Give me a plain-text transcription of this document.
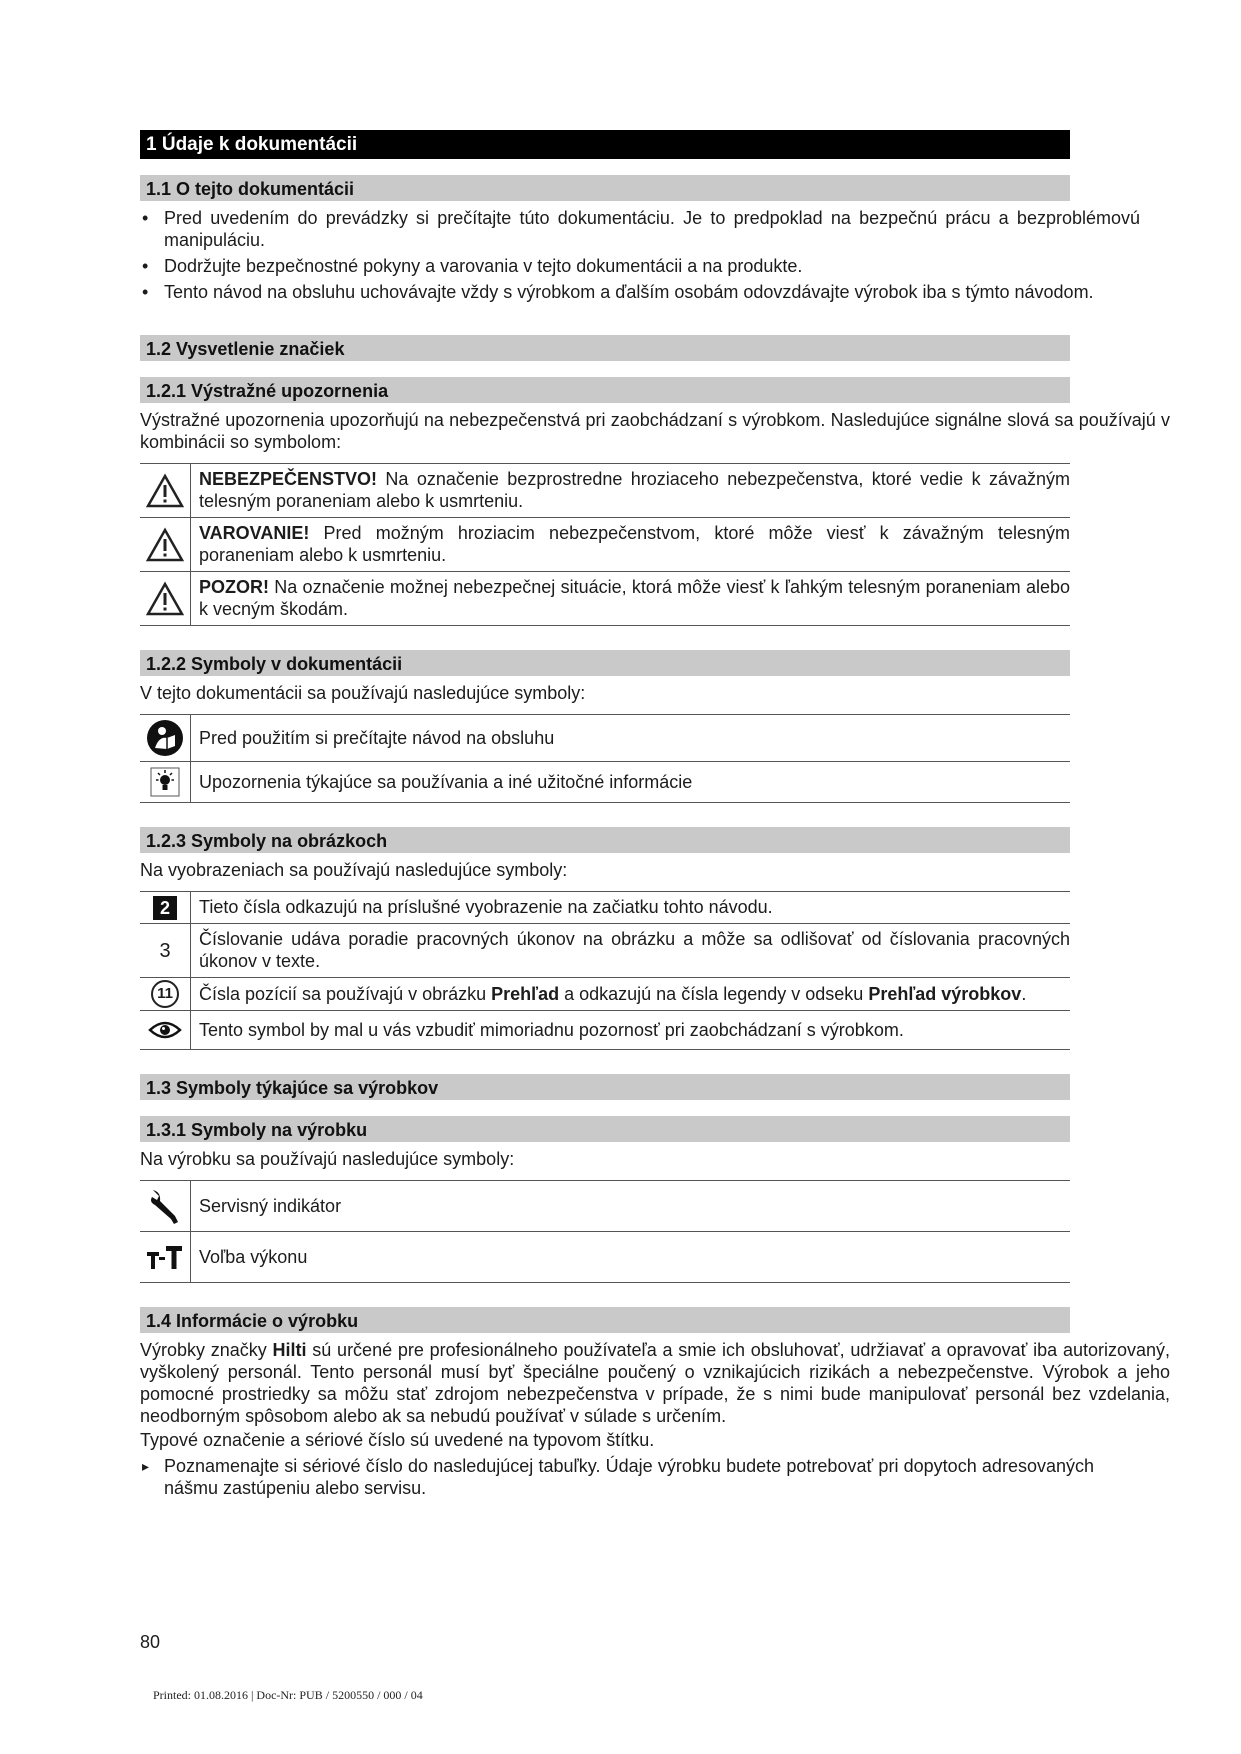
1 Údaje k dokumentácii
1.1 O tejto dokumentácii
• Pred uvedením do prevádzky si prečítajte túto dokumentáciu. Je to predpoklad na bezpečnú prácu a bezproblémovú manipuláciu.
• Dodržujte bezpečnostné pokyny a varovania v tejto dokumentácii a na produkte.
• Tento návod na obsluhu uchovávajte vždy s výrobkom a ďalším osobám odovzdávajte výrobok iba s týmto návodom.
1.2 Vysvetlenie značiek
1.2.1 Výstražné upozornenia

Výstražné upozornenia upozorňujú na nebezpečenstvá pri zaobchádzaní s výrobkom. Nasledujúce signálne slová sa používajú v kombinácii so symbolom:

	NEBEZPEČENSTVO! Na označenie bezprostredne hroziaceho nebezpečenstva, ktoré vedie k závažným telesným poraneniam alebo k usmrteniu.

	VAROVANIE! Pred možným hroziacim nebezpečenstvom, ktoré môže viesť k závažným telesným poraneniam alebo k usmrteniu.

	POZOR! Na označenie možnej nebezpečnej situácie, ktorá môže viesť k ľahkým telesným poraneniam alebo k vecným škodám.
1.2.2 Symboly v dokumentácii

V tejto dokumentácii sa používajú nasledujúce symboly:

	Pred použitím si prečítajte návod na obsluhu

	Upozornenia týkajúce sa používania a iné užitočné informácie
1.2.3 Symboly na obrázkoch

Na vyobrazeniach sa používajú nasledujúce symboly:

2	Tieto čísla odkazujú na príslušné vyobrazenie na začiatku tohto návodu.
3	Číslovanie udáva poradie pracovných úkonov na obrázku a môže sa odlišovať od číslovania pracovných úkonov v texte.
11	Čísla pozícií sa používajú v obrázku Prehľad a odkazujú na čísla legendy v odseku Prehľad výrobkov.

	Tento symbol by mal u vás vzbudiť mimoriadnu pozornosť pri zaobchádzaní s výrobkom.
1.3 Symboly týkajúce sa výrobkov
1.3.1 Symboly na výrobku

Na výrobku sa používajú nasledujúce symboly:

	Servisný indikátor

	Voľba výkonu
1.4 Informácie o výrobku

Výrobky značky Hilti sú určené pre profesionálneho používateľa a smie ich obsluhovať, udržiavať a opravovať iba autorizovaný, vyškolený personál. Tento personál musí byť špeciálne poučený o vznikajúcich rizikách a nebezpečenstve. Výrobok a jeho pomocné prostriedky sa môžu stať zdrojom nebezpečenstva v prípade, že s nimi bude manipulovať personál bez vzdelania, neodborným spôsobom alebo ak sa nebudú používať v súlade s určením.

Typové označenie a sériové číslo sú uvedené na typovom štítku.

▸ Poznamenajte si sériové číslo do nasledujúcej tabuľky. Údaje výrobku budete potrebovať pri dopytoch adresovaných nášmu zastúpeniu alebo servisu.
80
Printed: 01.08.2016 | Doc-Nr: PUB / 5200550 / 000 / 04
